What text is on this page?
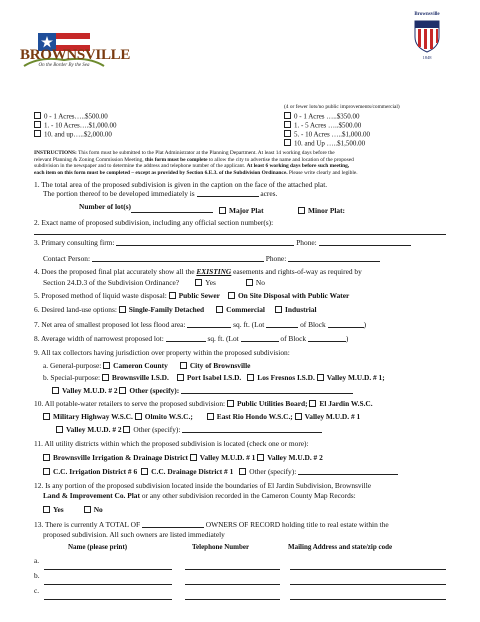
BROWNSVILLE
On the Border By the Sea
Brownsville
1848
0 - 1 Acres…..$500.00
1. - 10 Acres….$1,000.00
10. and up…..$2,000.00
(4 or fewer lots/no public improvements/commercial)
0 - 1 Acres …..$350.00
1. - 5 Acres …..$500.00
5. - 10 Acres …..$1,000.00
10. and Up …..$1,500.00
INSTRUCTIONS: This form must be submitted to the Plat Administrator at the Planning Department. At least 14 working days before the
relevant Planning & Zoning Commission Meeting, this form must be complete to allow the city to advertise the name and location of the proposed
subdivision in the newspaper and to determine the address and telephone number of the applicant. At least 6 working days before such meeting,
each item on this form must be completed – except as provided by Section 6.E.3. of the Subdivision Ordinance. Please write clearly and legible.
1. The total area of the proposed subdivision is given in the caption on the face of the attached plat.
The portion thereof to be developed immediately is	acres.
Number of lot(s)	Major Plat	Minor Plat:
2. Exact name of proposed subdivision, including any official section number(s):
3. Primary consulting firm:	Phone:
Contact Person:	Phone:
4. Does the proposed final plat accurately show all the EXISTING easements and rights-of-way as required by
Section 24.D.3 of the Subdivision Ordinance?	Yes	No
5. Proposed method of liquid waste disposal: Public Sewer On Site Disposal with Public Water
6. Desired land-use options: Single-Family Detached	Commercial	Industrial
7. Net area of smallest proposed lot less flood area:	sq. ft. (Lot	of Block	)
8. Average width of narrowest proposed lot:	sq. ft. (Lot	of Block	)
9. All tax collectors having jurisdiction over property within the proposed subdivision:
a. General-purpose: Cameron County	City of Brownsville
b. Special-purpose: Brownsville I.S.D. Port Isabel I.S.D. Los Fresnos I.S.D. Valley M.U.D. # 1;
Valley M.U.D. # 2 Other (specify):
10. All potable-water retailers to serve the proposed subdivision: Public Utilities Board; El Jardin W.S.C.
Military Highway W.S.C. Olmito W.S.C.;	East Rio Hondo W.S.C.; Valley M.U.D. # 1
Valley M.U.D. # 2 Other (specify):
11. All utility districts within which the proposed subdivision is located (check one or more):
Brownsville Irrigation & Drainage District Valley M.U.D. # 1 Valley M.U.D. # 2
C.C. Irrigation District # 6 C.C. Drainage District # 1 Other (specify):
12. Is any portion of the proposed subdivision located inside the boundaries of El Jardin Subdivision, Brownsville
Land & Improvement Co. Plat or any other subdivision recorded in the Cameron County Map Records:
Yes	No
13. There is currently A TOTAL OF	OWNERS OF RECORD holding title to real estate within the
proposed subdivision. All such owners are listed immediately
Name (please print)	Telephone Number	Mailing Address and state/zip code
a.
b.
c.
